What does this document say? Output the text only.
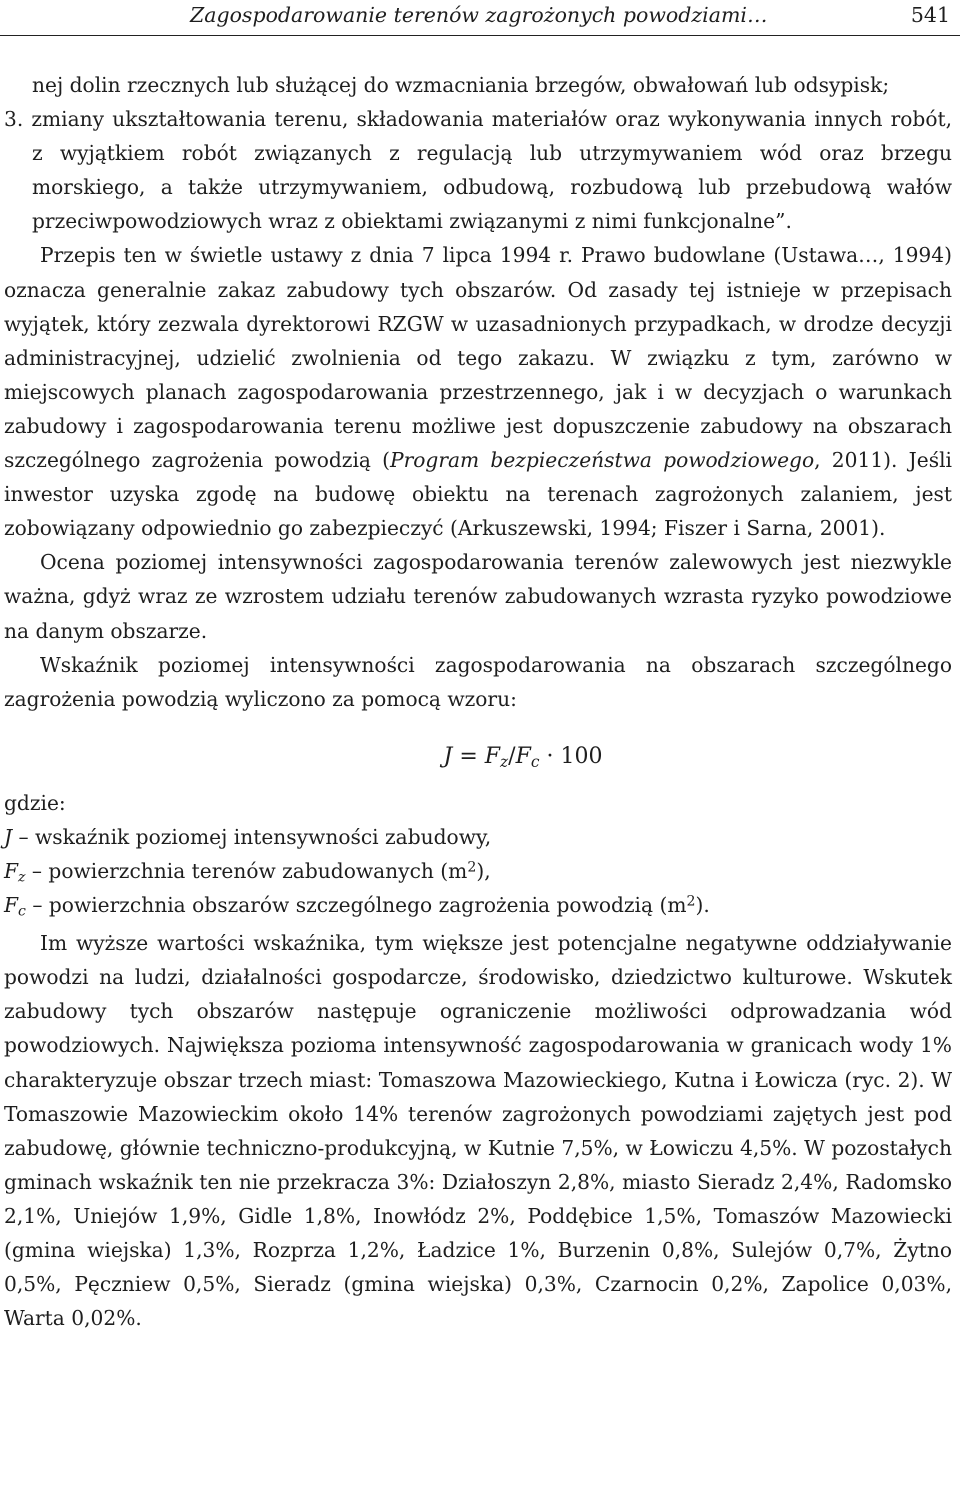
Zagospodarowanie terenów zagrożonych powodziami…	541

nej dolin rzecznych lub służącej do wzmacniania brzegów, obwałowań lub odsypisk;

3. zmiany ukształtowania terenu, składowania materiałów oraz wykonywania innych robót, z wyjątkiem robót związanych z regulacją lub utrzymywaniem wód oraz brzegu morskiego, a także utrzymywaniem, odbudową, rozbudową lub przebudową wałów przeciwpowodziowych wraz z obiektami związanymi z nimi funkcjonalne”.

Przepis ten w świetle ustawy z dnia 7 lipca 1994 r. Prawo budowlane (Ustawa…, 1994) oznacza generalnie zakaz zabudowy tych obszarów. Od zasady tej istnieje w przepisach wyjątek, który zezwala dyrektorowi RZGW w uzasadnionych przypadkach, w drodze decyzji administracyjnej, udzielić zwolnienia od tego zakazu. W związku z tym, zarówno w miejscowych planach zagospodarowania przestrzennego, jak i w decyzjach o warunkach zabudowy i zagospodarowania terenu możliwe jest dopuszczenie zabudowy na obszarach szczególnego zagrożenia powodzią (Program bezpieczeństwa powodziowego, 2011). Jeśli inwestor uzyska zgodę na budowę obiektu na terenach zagrożonych zalaniem, jest zobowiązany odpowiednio go zabezpieczyć (Arkuszewski, 1994; Fiszer i Sarna, 2001).

Ocena poziomej intensywności zagospodarowania terenów zalewowych jest niezwykle ważna, gdyż wraz ze wzrostem udziału terenów zabudowanych wzrasta ryzyko powodziowe na danym obszarze.

Wskaźnik poziomej intensywności zagospodarowania na obszarach szczególnego zagrożenia powodzią wyliczono za pomocą wzoru:

$J = F_z/F_c \cdot 100$

gdzie:

J – wskaźnik poziomej intensywności zabudowy,

$F_z$ – powierzchnia terenów zabudowanych $(m^2)$,

$F_c$ – powierzchnia obszarów szczególnego zagrożenia powodzią $(m^2)$.

Im wyższe wartości wskaźnika, tym większe jest potencjalne negatywne oddziaływanie powodzi na ludzi, działalności gospodarcze, środowisko, dziedzictwo kulturowe. Wskutek zabudowy tych obszarów następuje ograniczenie możliwości odprowadzania wód powodziowych. Największa pozioma intensywność zagospodarowania w granicach wody 1% charakteryzuje obszar trzech miast: Tomaszowa Mazowieckiego, Kutna i Łowicza (ryc. 2). W Tomaszowie Mazowieckim około 14% terenów zagrożonych powodziami zajętych jest pod zabudowę, głównie techniczno-produkcyjną, w Kutnie 7,5%, w Łowiczu 4,5%. W pozostałych gminach wskaźnik ten nie przekracza 3%: Działoszyn 2,8%, miasto Sieradz 2,4%, Radomsko 2,1%, Uniejów 1,9%, Gidle 1,8%, Inowłódz 2%, Poddębice 1,5%, Tomaszów Mazowiecki (gmina wiejska) 1,3%, Rozprza 1,2%, Ładzice 1%, Burzenin 0,8%, Sulejów 0,7%, Żytno 0,5%, Pęczniew 0,5%, Sieradz (gmina wiejska) 0,3%, Czarnocin 0,2%, Zapolice 0,03%, Warta 0,02%.
